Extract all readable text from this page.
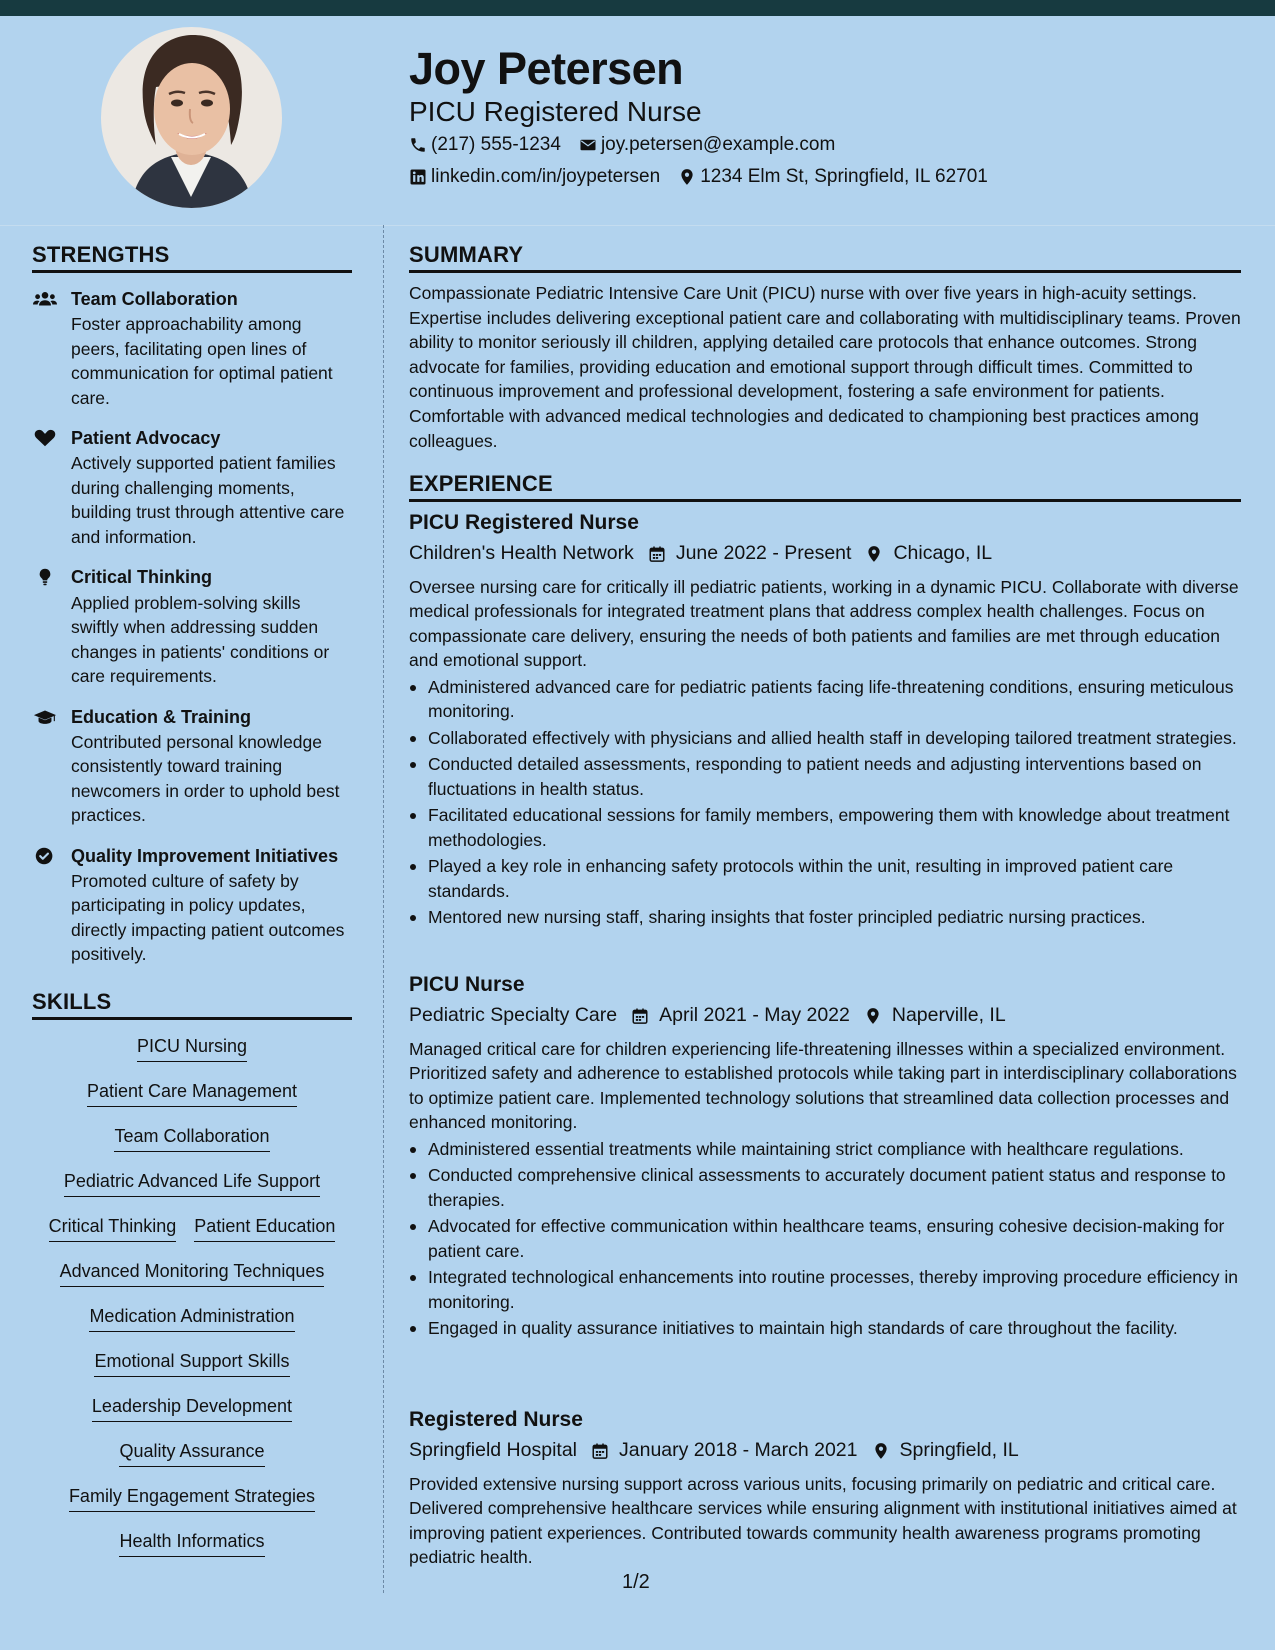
Joy Petersen
PICU Registered Nurse
(217) 555-1234 joy.petersen@example.com
linkedin.com/in/joypetersen 1234 Elm St, Springfield, IL 62701
STRENGTHS
Team Collaboration
Foster approachability among peers, facilitating open lines of communication for optimal patient care.
Patient Advocacy
Actively supported patient families during challenging moments, building trust through attentive care and information.
Critical Thinking
Applied problem-solving skills swiftly when addressing sudden changes in patients' conditions or care requirements.
Education & Training
Contributed personal knowledge consistently toward training newcomers in order to uphold best practices.
Quality Improvement Initiatives
Promoted culture of safety by participating in policy updates, directly impacting patient outcomes positively.
SKILLS
PICU Nursing
Patient Care Management
Team Collaboration
Pediatric Advanced Life Support
Critical Thinking Patient Education
Advanced Monitoring Techniques
Medication Administration
Emotional Support Skills
Leadership Development
Quality Assurance
Family Engagement Strategies
Health Informatics
SUMMARY
Compassionate Pediatric Intensive Care Unit (PICU) nurse with over five years in high-acuity settings. Expertise includes delivering exceptional patient care and collaborating with multidisciplinary teams. Proven ability to monitor seriously ill children, applying detailed care protocols that enhance outcomes. Strong advocate for families, providing education and emotional support through difficult times. Committed to continuous improvement and professional development, fostering a safe environment for patients. Comfortable with advanced medical technologies and dedicated to championing best practices among colleagues.
EXPERIENCE
PICU Registered Nurse
Children's Health Network June 2022 - Present Chicago, IL
Oversee nursing care for critically ill pediatric patients, working in a dynamic PICU. Collaborate with diverse medical professionals for integrated treatment plans that address complex health challenges. Focus on compassionate care delivery, ensuring the needs of both patients and families are met through education and emotional support.
Administered advanced care for pediatric patients facing life-threatening conditions, ensuring meticulous monitoring.
Collaborated effectively with physicians and allied health staff in developing tailored treatment strategies.
Conducted detailed assessments, responding to patient needs and adjusting interventions based on fluctuations in health status.
Facilitated educational sessions for family members, empowering them with knowledge about treatment methodologies.
Played a key role in enhancing safety protocols within the unit, resulting in improved patient care standards.
Mentored new nursing staff, sharing insights that foster principled pediatric nursing practices.
PICU Nurse
Pediatric Specialty Care April 2021 - May 2022 Naperville, IL
Managed critical care for children experiencing life-threatening illnesses within a specialized environment. Prioritized safety and adherence to established protocols while taking part in interdisciplinary collaborations to optimize patient care. Implemented technology solutions that streamlined data collection processes and enhanced monitoring.
Administered essential treatments while maintaining strict compliance with healthcare regulations.
Conducted comprehensive clinical assessments to accurately document patient status and response to therapies.
Advocated for effective communication within healthcare teams, ensuring cohesive decision-making for patient care.
Integrated technological enhancements into routine processes, thereby improving procedure efficiency in monitoring.
Engaged in quality assurance initiatives to maintain high standards of care throughout the facility.
Registered Nurse
Springfield Hospital January 2018 - March 2021 Springfield, IL
Provided extensive nursing support across various units, focusing primarily on pediatric and critical care. Delivered comprehensive healthcare services while ensuring alignment with institutional initiatives aimed at improving patient experiences. Contributed towards community health awareness programs promoting pediatric health.
1/2
